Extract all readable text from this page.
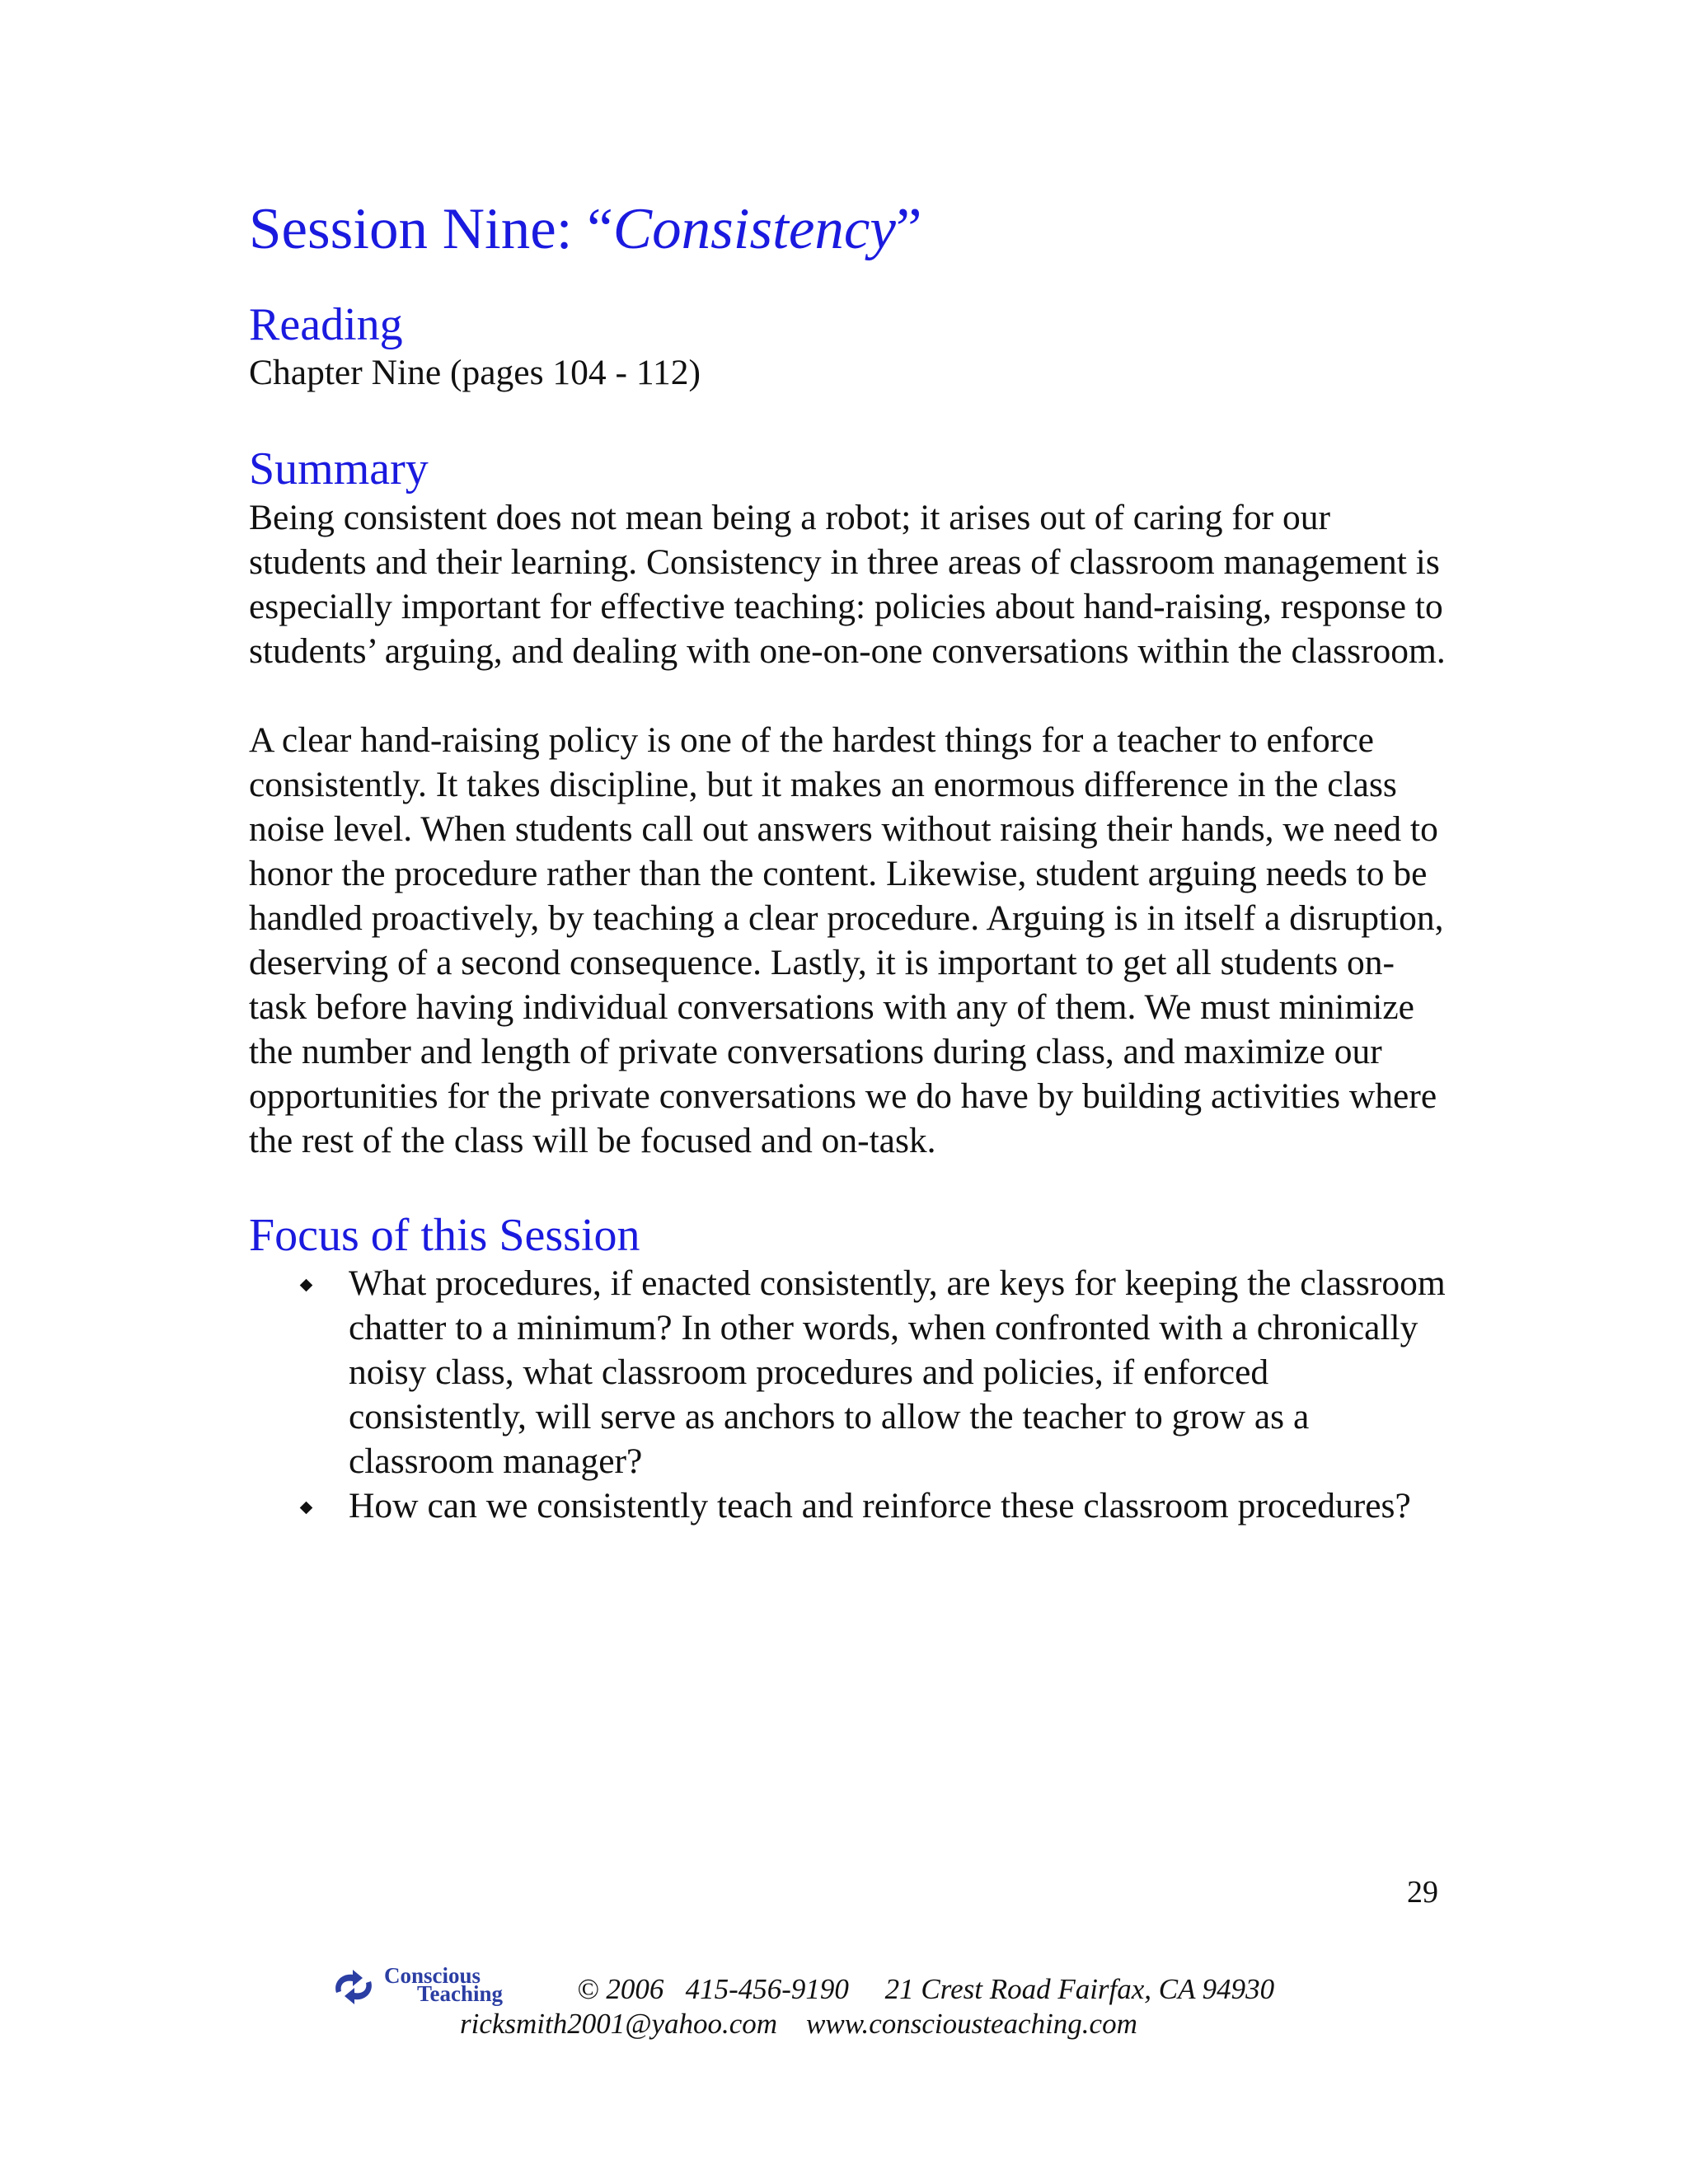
Session Nine: “Consistency”
Reading

Chapter Nine (pages 104 - 112)

Summary

Being consistent does not mean being a robot; it arises out of caring for our students and their learning. Consistency in three areas of classroom management is especially important for effective teaching: policies about hand-raising, response to students’ arguing, and dealing with one-on-one conversations within the classroom.

A clear hand-raising policy is one of the hardest things for a teacher to enforce consistently. It takes discipline, but it makes an enormous difference in the class noise level. When students call out answers without raising their hands, we need to honor the procedure rather than the content. Likewise, student arguing needs to be handled proactively, by teaching a clear procedure. Arguing is in itself a disruption, deserving of a second consequence. Lastly, it is important to get all students on-task before having individual conversations with any of them. We must minimize the number and length of private conversations during class, and maximize our opportunities for the private conversations we do have by building activities where the rest of the class will be focused and on-task.

Focus of this Session
What procedures, if enacted consistently, are keys for keeping the classroom chatter to a minimum? In other words, when confronted with a chronically noisy class, what classroom procedures and policies, if enforced consistently, will serve as anchors to allow the teacher to grow as a classroom manager?
How can we consistently teach and reinforce these classroom procedures?
29
Conscious
Teaching	© 2006   415-456-9190     21 Crest Road Fairfax, CA 94930
ricksmith2001@yahoo.com    www.consciousteaching.com
